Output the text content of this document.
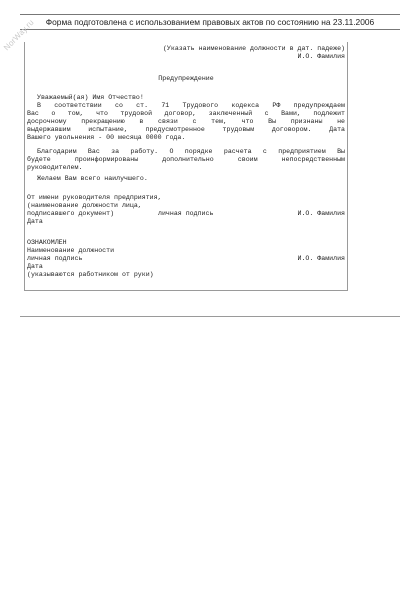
Форма подготовлена с использованием правовых актов по состоянию на 23.11.2006
NorWay.ru	(Указать наименование должности в дат. падеже)
И.О. Фамилия
Предупреждение
Уважаемый(ая) Имя Отчество!
В соответствии со ст. 71 Трудового кодекса РФ предупреждаем
Вас о том, что трудовой договор, заключенный с Вами, подлежит
досрочному прекращению в связи с тем, что Вы признаны не
выдержавшим испытание, предусмотренное трудовым договором. Дата
Вашего увольнения - 00 месяца 0000 года.
Благодарим Вас за работу. О порядке расчета с предприятием Вы
будете проинформированы дополнительно своим непосредственным
руководителем.
Желаем Вам всего наилучшего.
От имени руководителя предприятия,
(наименование должности лица,
подписавшего документ)	личная подпись	И.О. Фамилия
Дата
ОЗНАКОМЛЕН
Наименование должности
личная подпись	И.О. Фамилия
Дата
(указываются работником от руки)
